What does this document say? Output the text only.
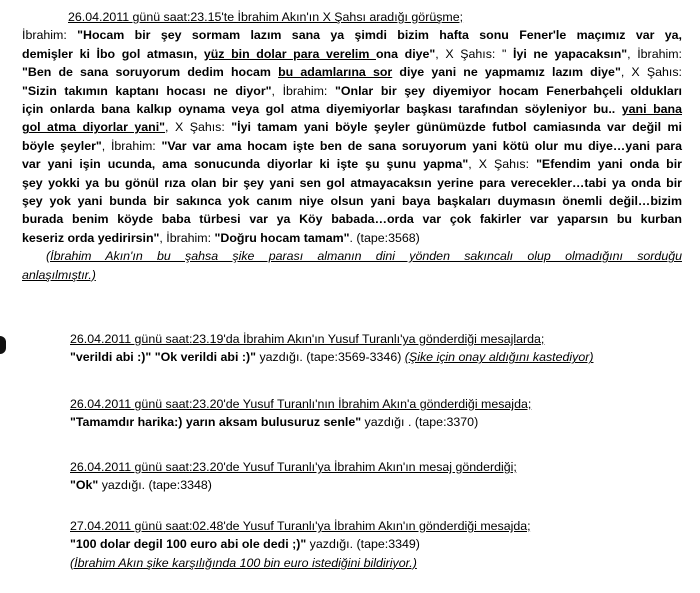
26.04.2011 günü saat:23.15'te İbrahim Akın'ın X Şahsı aradığı görüşme;
İbrahim: "Hocam bir şey sormam lazım sana ya şimdi bizim hafta sonu Fener'le maçımız var ya,
demişler ki İbo gol atmasın, yüz bin dolar para verelim ona diye", X Şahıs: " İyi ne yapacaksın", İbrahim:
"Ben de sana soruyorum dedim hocam bu adamlarına sor diye yani ne yapmamız lazım diye", X Şahıs:
"Sizin takımın kaptanı hocası ne diyor", İbrahim: "Onlar bir şey diyemiyor hocam Fenerbahçeli oldukları
için onlarda bana kalkıp oynama veya gol atma diyemiyorlar başkası tarafından söyleniyor bu.. yani bana
gol atma diyorlar yani", X Şahıs: "İyi tamam yani böyle şeyler günümüzde futbol camiasında var değil mi
böyle şeyler", İbrahim: "Var var ama hocam işte ben de sana soruyorum yani kötü olur mu diye…yani para
var yani işin ucunda, ama sonucunda diyorlar ki işte şu şunu yapma", X Şahıs: "Efendim yani onda bir
şey yokki ya bu gönül rıza olan bir şey yani sen gol atmayacaksın yerine para verecekler…tabi ya onda bir
şey yok yani bunda bir sakınca yok canım niye olsun yani baya başkaları duymasın önemli değil…bizim
burada benim köyde baba türbesi var ya Köy babada…orda var çok fakirler var yaparsın bu kurban
keseriz orda yedirirsin", İbrahim: "Doğru hocam tamam". (tape:3568)
(İbrahim Akın'ın bu şahsa şike parası almanın dini yönden sakıncalı olup olmadığını sorduğu
anlaşılmıştır.)
26.04.2011 günü saat:23.19'da İbrahim Akın'ın Yusuf Turanlı'ya gönderdiği mesajlarda;
"verildi abi :)" "Ok verildi abi :)" yazdığı. (tape:3569-3346) (Şike için onay aldığını kastediyor)
26.04.2011 günü saat:23.20'de Yusuf Turanlı'nın İbrahim Akın'a gönderdiği mesajda;
"Tamamdır harika:) yarın aksam bulusuruz senle" yazdığı . (tape:3370)
26.04.2011 günü saat:23.20'de Yusuf Turanlı'ya İbrahim Akın'ın mesaj gönderdiği;
"Ok" yazdığı. (tape:3348)
27.04.2011 günü saat:02.48'de Yusuf Turanlı'ya İbrahim Akın'ın gönderdiği mesajda;
"100 dolar degil 100 euro abi ole dedi ;)" yazdığı. (tape:3349)
(İbrahim Akın şike karşılığında 100 bin euro istediğini bildiriyor.)
